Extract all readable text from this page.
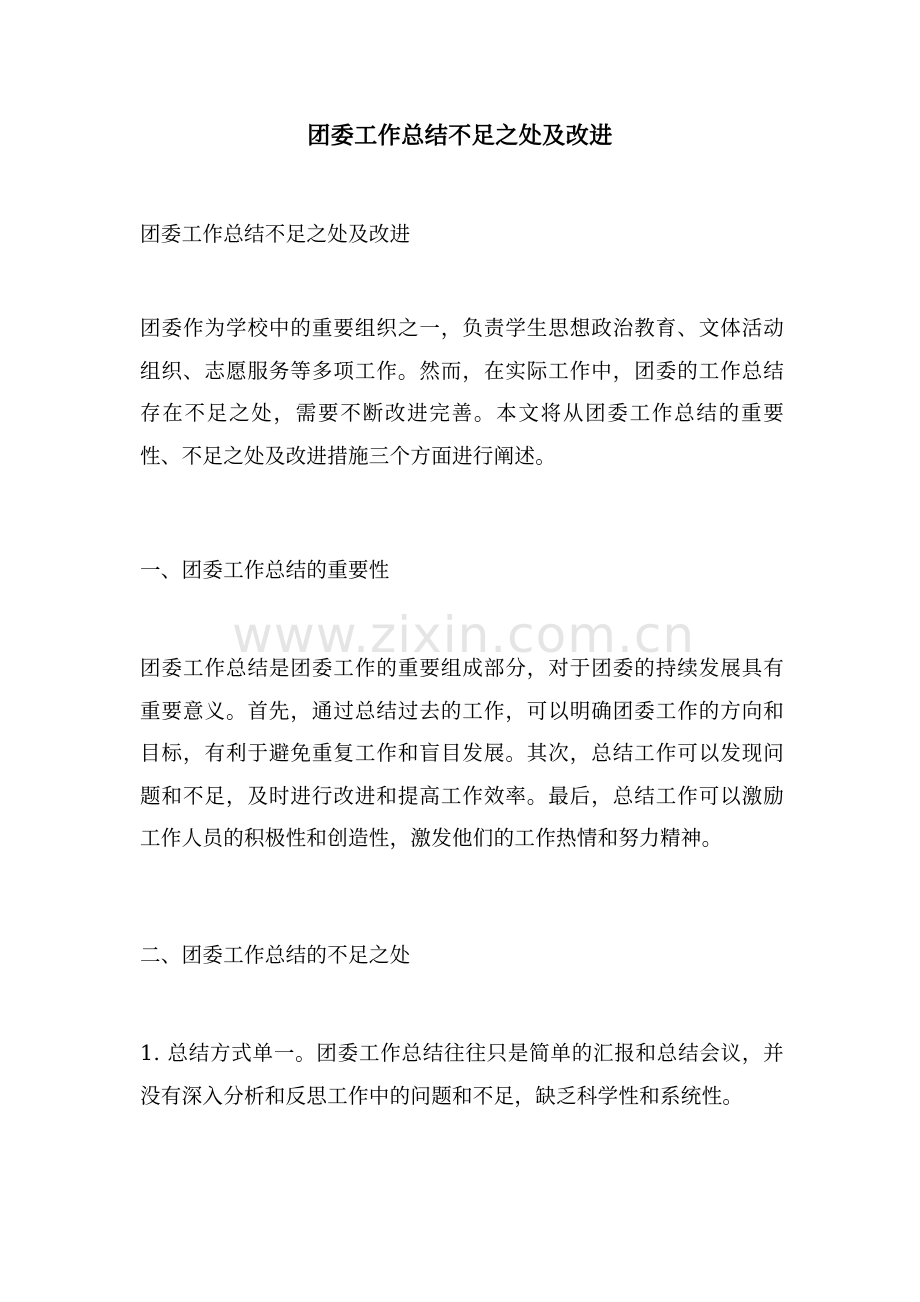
团委工作总结不足之处及改进
团委工作总结不足之处及改进
团委作为学校中的重要组织之一，负责学生思想政治教育、文体活动组织、志愿服务等多项工作。然而，在实际工作中，团委的工作总结存在不足之处，需要不断改进完善。本文将从团委工作总结的重要性、不足之处及改进措施三个方面进行阐述。
一、团委工作总结的重要性
团委工作总结是团委工作的重要组成部分，对于团委的持续发展具有重要意义。首先，通过总结过去的工作，可以明确团委工作的方向和目标，有利于避免重复工作和盲目发展。其次，总结工作可以发现问题和不足，及时进行改进和提高工作效率。最后，总结工作可以激励工作人员的积极性和创造性，激发他们的工作热情和努力精神。
二、团委工作总结的不足之处
1. 总结方式单一。团委工作总结往往只是简单的汇报和总结会议，并没有深入分析和反思工作中的问题和不足，缺乏科学性和系统性。
www.zixin.com.cn
